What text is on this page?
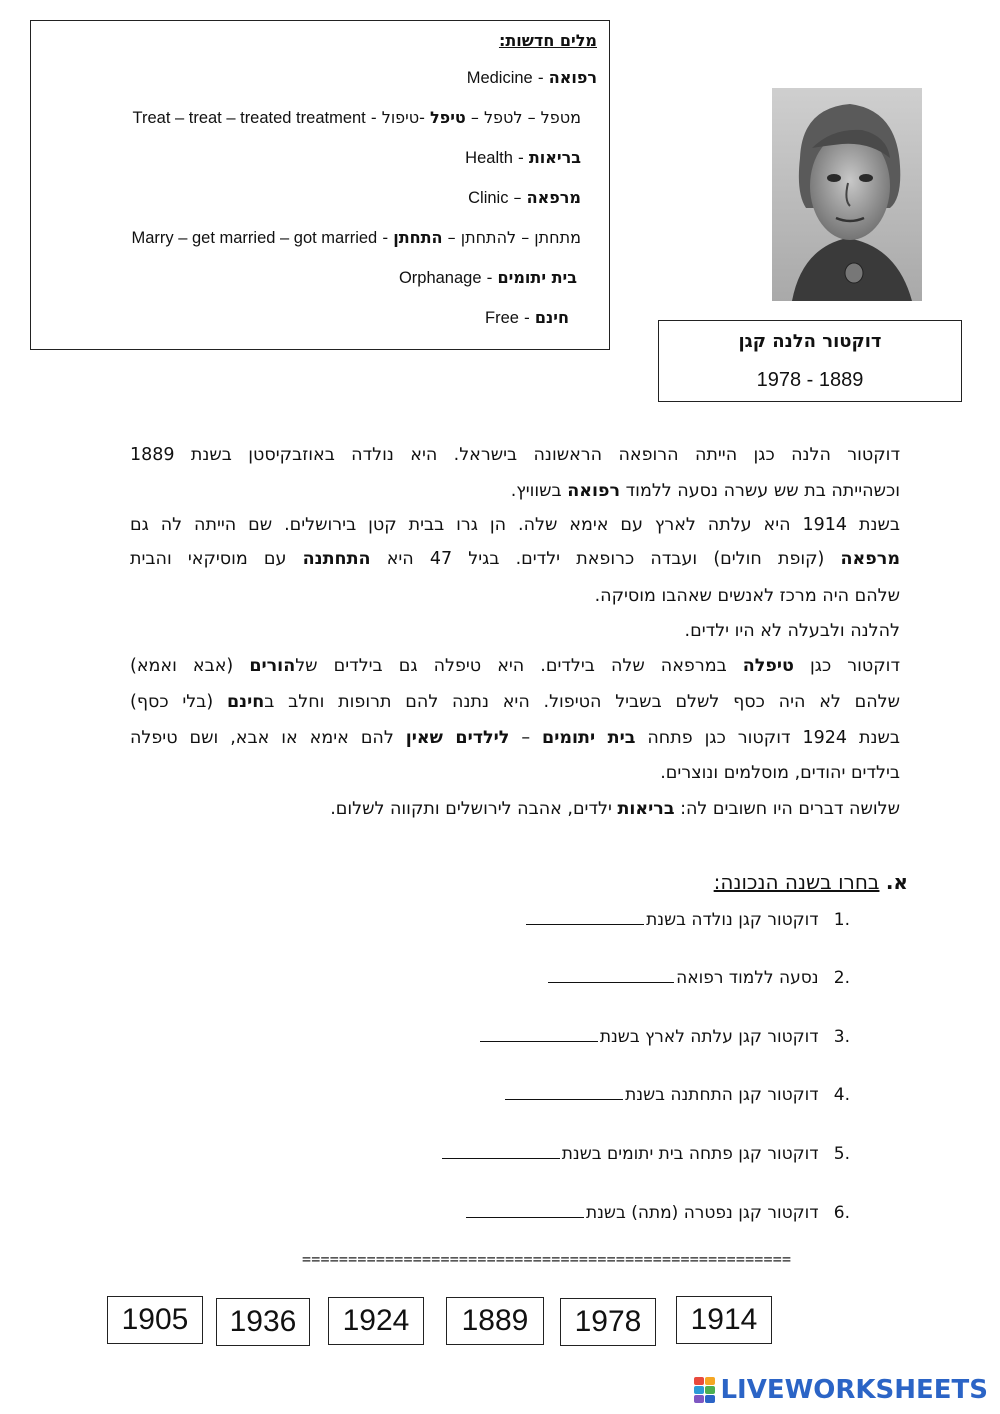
מלים חדשות:
Medicine - רפואה
Treat – treat – treated treatment -	מטפל – לטפל – טיפל -טיפול
Health - בריאות
Clinic – מרפאה
Marry – get married – got married -	מתחתן – להתחתן – התחתן
Orphanage - בית יתומים
Free - חינם
דוקטור הלנה קגן
1978 - 1889
דוקטור הלנה כגן הייתה הרופאה הראשונה בישראל. היא נולדה באוזבקיסטן בשנת 1889
וכשהייתה בת שש עשרה נסעה ללמוד רפואה בשוויץ.
בשנת 1914 היא עלתה לארץ עם אימא שלה. הן גרו בבית קטן בירושלים. שם הייתה לה גם
מרפאה (קופת חולים) ועבדה כרופאת ילדים. בגיל 47 היא התחתנה עם מוסיקאי והבית
שלהם היה מרכז לאנשים שאהבו מוסיקה.
להלנה ולבעלה לא היו ילדים.
דוקטור כגן טיפלה במרפאה שלה בילדים. היא טיפלה גם בילדים שלהורים (אבא ואמא)
שלהם לא היה כסף לשלם בשביל הטיפול. היא נתנה להם תרופות וחלב בחינם (בלי כסף)
בשנת 1924 דוקטור כגן פתחה בית יתומים – לילדים שאין להם אימא או אבא, ושם טיפלה
בילדים יהודים, מוסלמים ונוצרים.
שלושה דברים היו חשובים לה: בריאות ילדים, אהבה לירושלים ותקווה לשלום.
א. בחרו בשנה הנכונה:
.1 דוקטור קגן נולדה בשנת
.2 נסעה ללמוד רפואה
.3 דוקטור קגן עלתה לארץ בשנת
.4 דוקטור קגן התחתנה בשנת
.5 דוקטור קגן פתחה בית יתומים בשנת
.6 דוקטור קגן נפטרה (מתה) בשנת
=====================================================
1905	1936	1924	1889	1978	1914
LIVEWORKSHEETS
